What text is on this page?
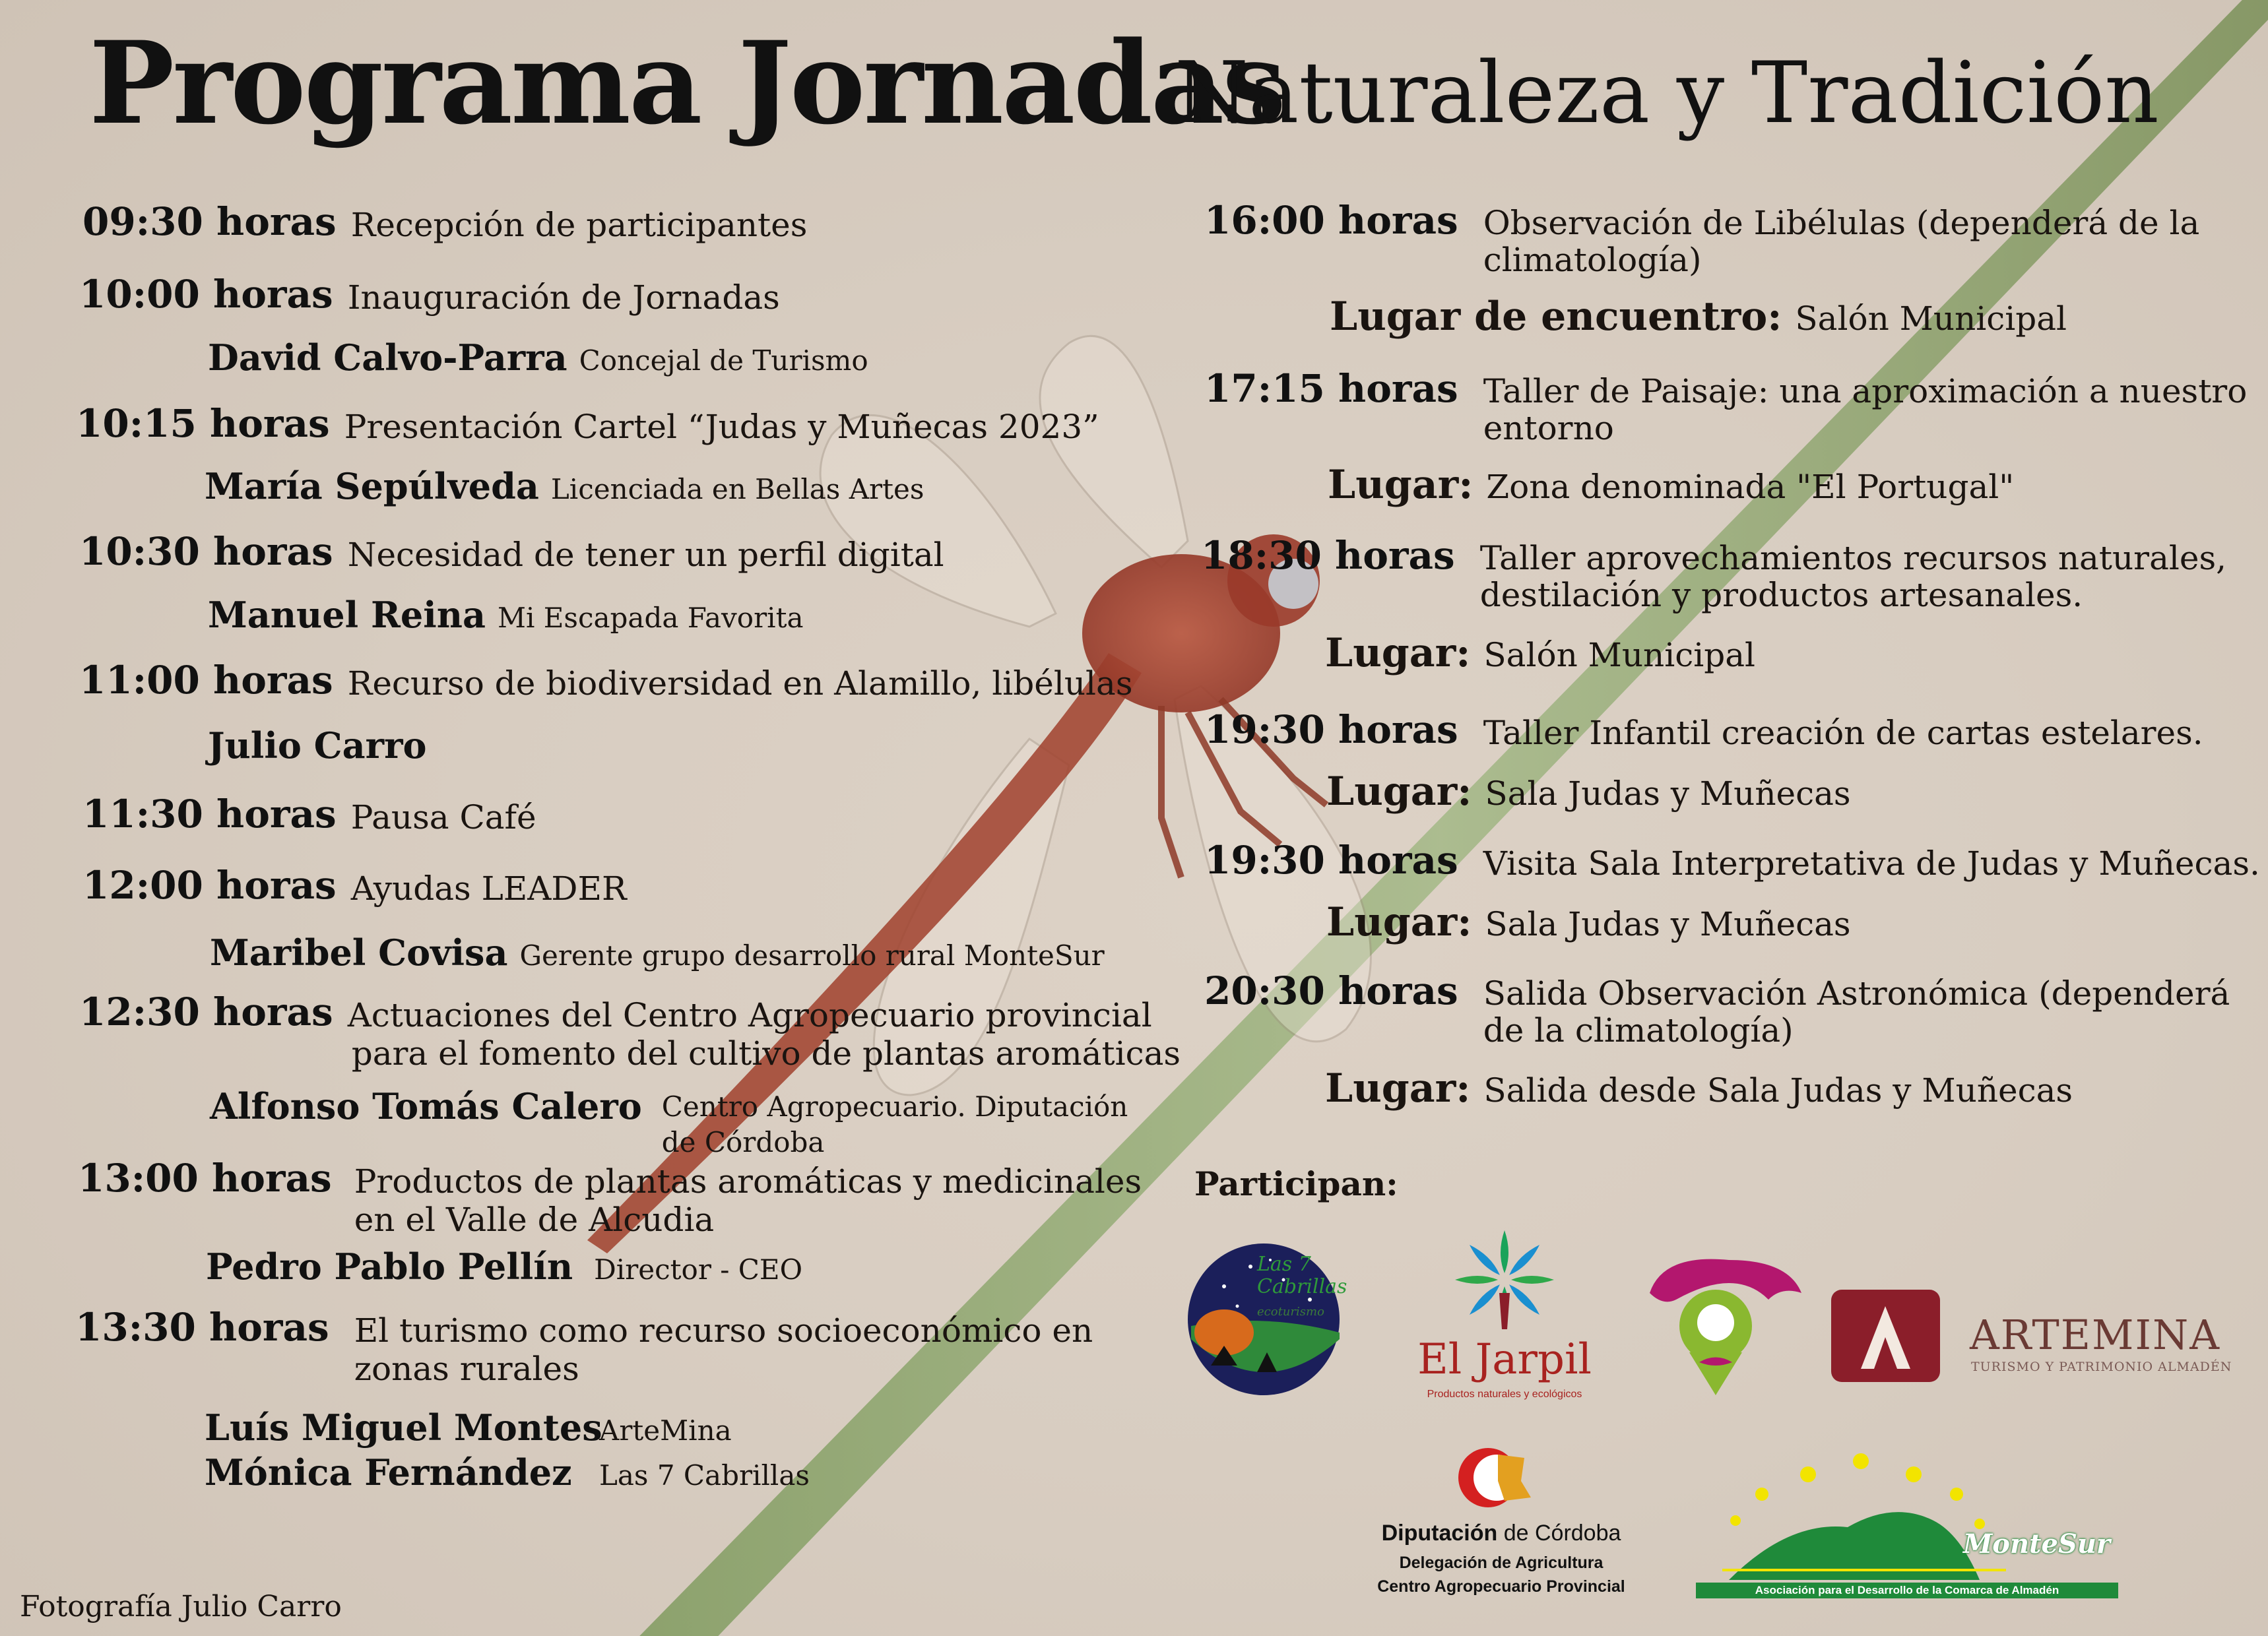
Programa Jornadas
Naturaleza y Tradición
09:30 horas Recepción de participantes
10:00 horas Inauguración de Jornadas
David Calvo-Parra Concejal de Turismo
10:15 horas Presentación Cartel “Judas y Muñecas 2023”
María Sepúlveda Licenciada en Bellas Artes
10:30 horas Necesidad de tener un perfil digital
Manuel Reina Mi Escapada Favorita
11:00 horas Recurso de biodiversidad en Alamillo, libélulas
Julio Carro
11:30 horas Pausa Café
12:00 horas Ayudas LEADER
Maribel Covisa Gerente grupo desarrollo rural MonteSur
12:30 horas Actuaciones del Centro Agropecuario provincial
para el fomento del cultivo de plantas aromáticas
Alfonso Tomás Calero Centro Agropecuario. Diputación
de Córdoba
13:00 horas Productos de plantas aromáticas y medicinales
en el Valle de Alcudia
Pedro Pablo Pellín Director - CEO
13:30 horas El turismo como recurso socioeconómico en
zonas rurales
Luís Miguel Montes
ArteMina
Mónica Fernández Las 7 Cabrillas
16:00 horas Observación de Libélulas (dependerá de la
climatología)
Lugar de encuentro: Salón Municipal
17:15 horas Taller de Paisaje: una aproximación a nuestro
entorno
Lugar: Zona denominada "El Portugal"
18:30 horas Taller aprovechamientos recursos naturales,
destilación y productos artesanales.
Lugar: Salón Municipal
19:30 horas Taller Infantil creación de cartas estelares.
Lugar: Sala Judas y Muñecas
19:30 horas Visita Sala Interpretativa de Judas y Muñecas.
Lugar: Sala Judas y Muñecas
20:30 horas Salida Observación Astronómica (dependerá
de la climatología)
Lugar: Salida desde Sala Judas y Muñecas
Participan:
Las 7
Cabrillas
ecoturismo
El Jarpil
Productos naturales y ecológicos
ARTEMINA
TURISMO Y PATRIMONIO ALMADÉN
Diputación de Córdoba
Delegación de Agricultura
Centro Agropecuario Provincial
MonteSur
Asociación para el Desarrollo de la Comarca de Almadén
Fotografía Julio Carro
